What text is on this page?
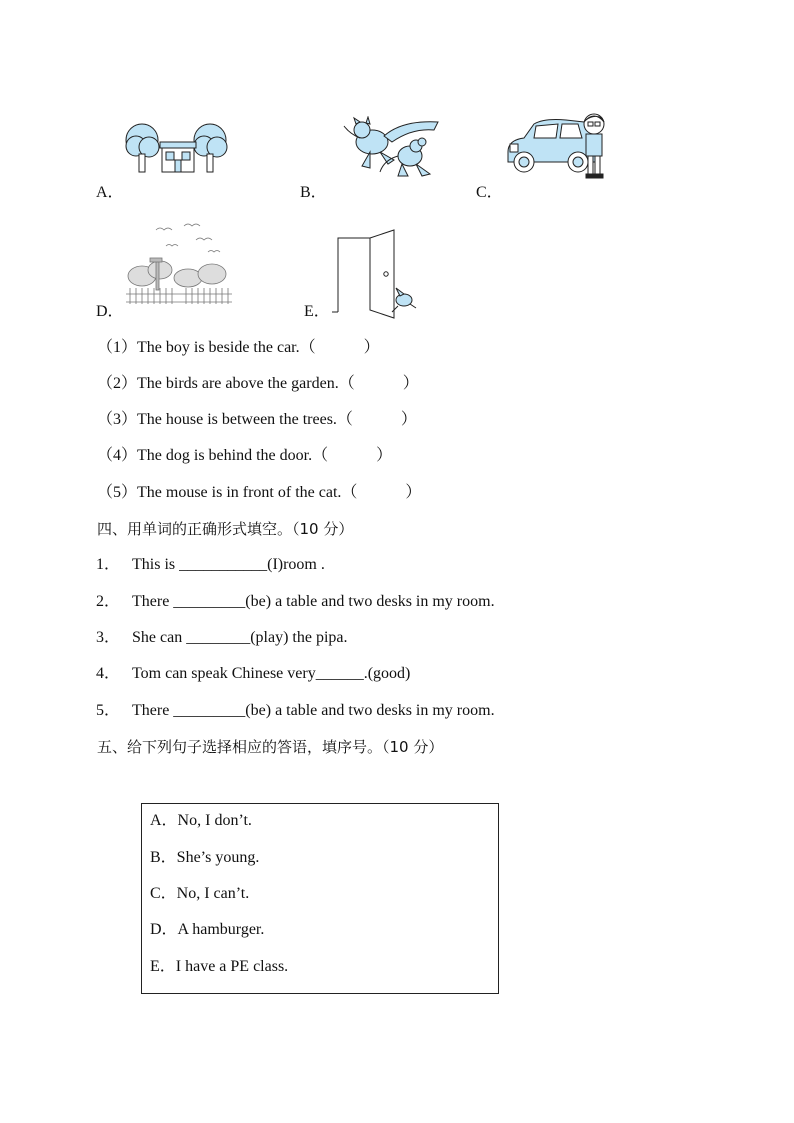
A．	B．	C．
D．	E．
（1）The boy is beside the car.（　　　）
（2）The birds are above the garden.（　　　）
（3）The house is between the trees.（　　　）
（4）The dog is behind the door.（　　　）
（5）The mouse is in front of the cat.（　　　）
四、用单词的正确形式填空。（10 分）
1． This is ___________(I)room .
2． There _________(be) a table and two desks in my room.
3． She can ________(play) the pipa.
4． Tom can speak Chinese very______.(good)
5． There _________(be) a table and two desks in my room.
五、给下列句子选择相应的答语，填序号。（10 分）
A．No, I don’t.
B．She’s young.
C．No, I can’t.
D．A hamburger.
E．I have a PE class.
